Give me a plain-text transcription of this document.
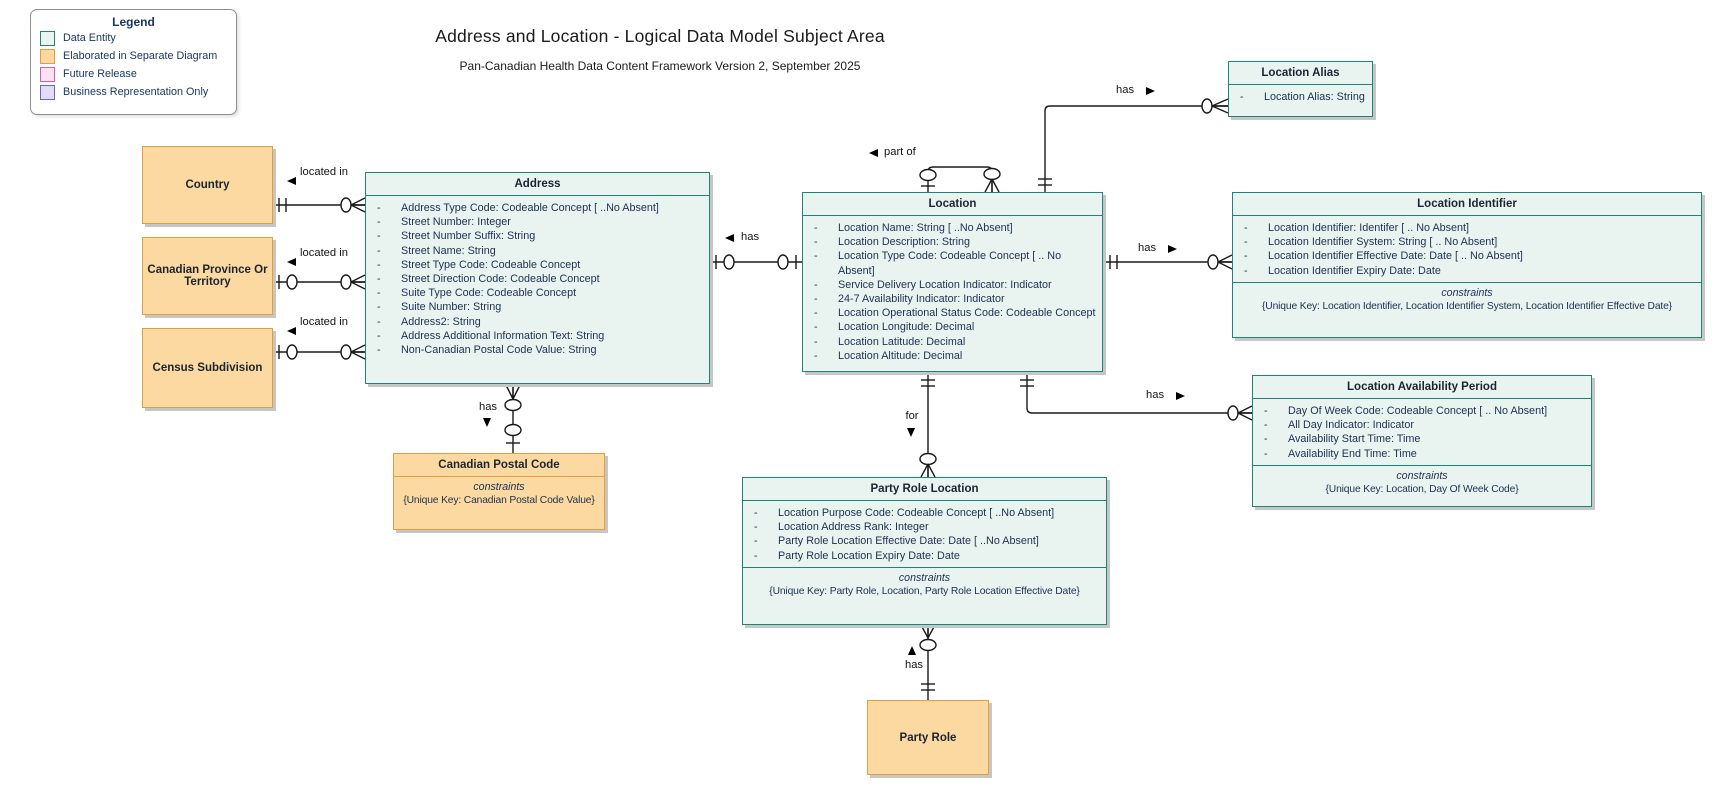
Address and Location - Logical Data Model Subject Area
Pan-Canadian Health Data Content Framework Version 2, September 2025
Legend
Data Entity
Elaborated in Separate Diagram
Future Release
Business Representation Only
located in
located in
located in
has
has
part of
has
has
has
for
has
Country
Canadian Province Or Territory
Census Subdivision
Party Role
Canadian Postal Code
constraints
{Unique Key: Canadian Postal Code Value}
Address
- Address Type Code: Codeable Concept [ ..No Absent]
- Street Number: Integer
- Street Number Suffix: String
- Street Name: String
- Street Type Code: Codeable Concept
- Street Direction Code: Codeable Concept
- Suite Type Code: Codeable Concept
- Suite Number: String
- Address2: String
- Address Additional Information Text: String
- Non-Canadian Postal Code Value: String
Location
- Location Name: String [ ..No Absent]
- Location Description: String
- Location Type Code: Codeable Concept [ .. No Absent]
- Service Delivery Location Indicator: Indicator
- 24-7 Availability Indicator: Indicator
- Location Operational Status Code: Codeable Concept
- Location Longitude: Decimal
- Location Latitude: Decimal
- Location Altitude: Decimal
Location Alias
- Location Alias: String
Location Identifier
- Location Identifier: Identifer [ .. No Absent]
- Location Identifier System: String [ .. No Absent]
- Location Identifier Effective Date: Date [ .. No Absent]
- Location Identifier Expiry Date: Date
constraints
{Unique Key: Location Identifier, Location Identifier System, Location Identifier Effective Date}
Location Availability Period
- Day Of Week Code: Codeable Concept [ .. No Absent]
- All Day Indicator: Indicator
- Availability Start Time: Time
- Availability End Time: Time
constraints
{Unique Key: Location, Day Of Week Code}
Party Role Location
- Location Purpose Code: Codeable Concept [ ..No Absent]
- Location Address Rank: Integer
- Party Role Location Effective Date: Date [ ..No Absent]
- Party Role Location Expiry Date: Date
constraints
{Unique Key: Party Role, Location, Party Role Location Effective Date}
